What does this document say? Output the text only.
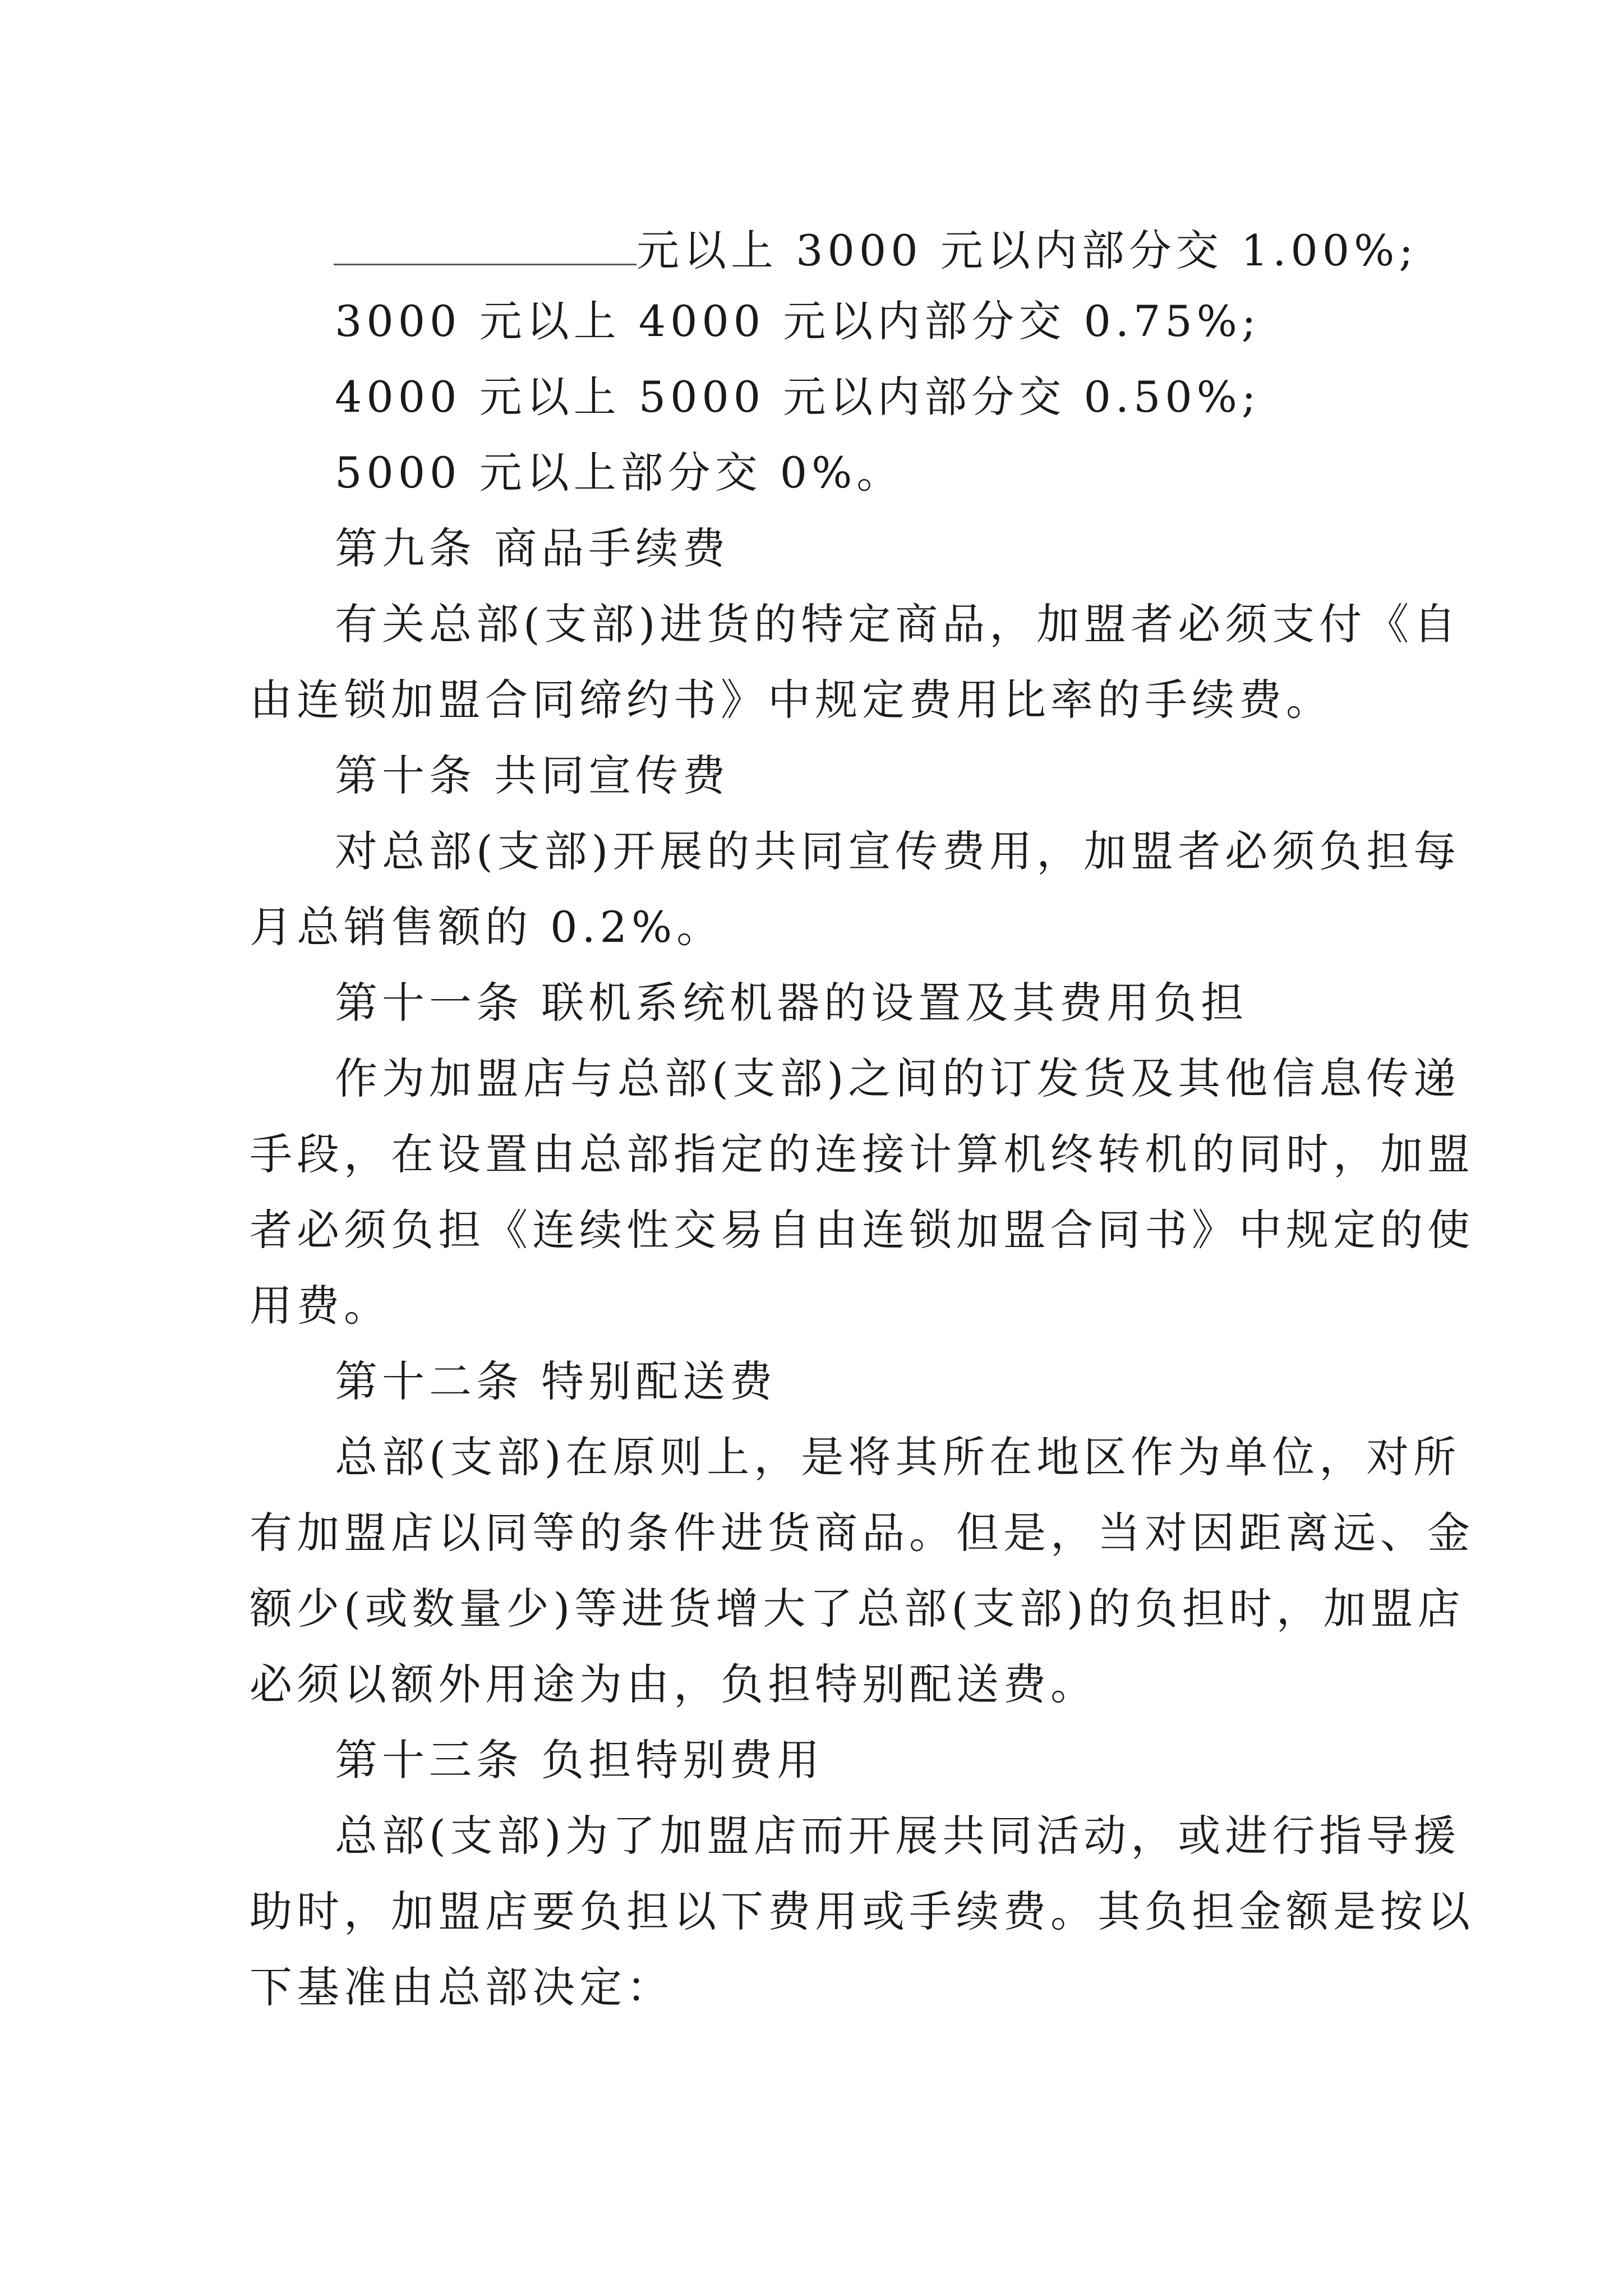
元以上 3000 元以内部分交 1.00%;
3000 元以上 4000 元以内部分交 0.75%;
4000 元以上 5000 元以内部分交 0.50%;
5000 元以上部分交 0%。
第九条 商品手续费
有关总部(支部)进货的特定商品，加盟者必须支付《自
由连锁加盟合同缔约书》中规定费用比率的手续费。
第十条 共同宣传费
对总部(支部)开展的共同宣传费用，加盟者必须负担每
月总销售额的 0.2%。
第十一条 联机系统机器的设置及其费用负担
作为加盟店与总部(支部)之间的订发货及其他信息传递
手段，在设置由总部指定的连接计算机终转机的同时，加盟
者必须负担《连续性交易自由连锁加盟合同书》中规定的使
用费。
第十二条 特别配送费
总部(支部)在原则上，是将其所在地区作为单位，对所
有加盟店以同等的条件进货商品。但是，当对因距离远、金
额少(或数量少)等进货增大了总部(支部)的负担时，加盟店
必须以额外用途为由，负担特别配送费。
第十三条 负担特别费用
总部(支部)为了加盟店而开展共同活动，或进行指导援
助时，加盟店要负担以下费用或手续费。其负担金额是按以
下基准由总部决定：
